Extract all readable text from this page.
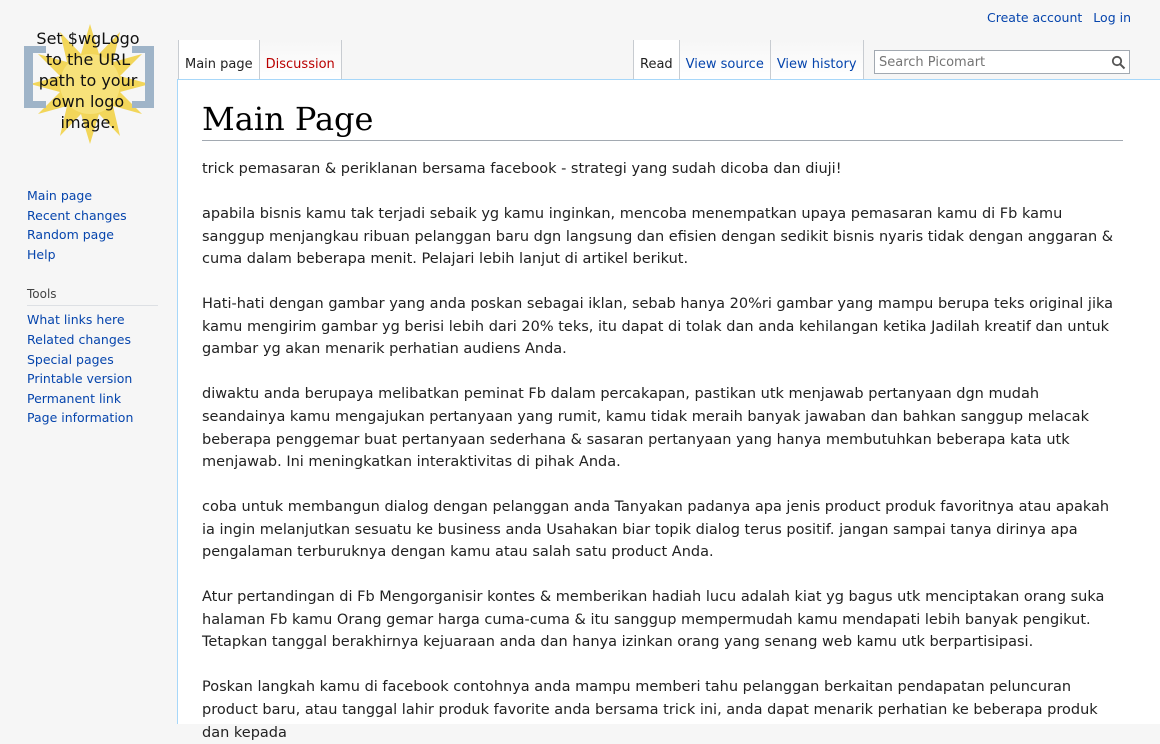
Create account Log in
Set $wgLogo
to the URL
path to your
own logo
image.
Main page	Discussion	Read	View source	View history
Search Picomart
Main page
Recent changes
Random page
Help
Tools
What links here
Related changes
Special pages
Printable version
Permanent link
Page information
Main Page

trick pemasaran & periklanan bersama facebook - strategi yang sudah dicoba dan diuji!

apabila bisnis kamu tak terjadi sebaik yg kamu inginkan, mencoba menempatkan upaya pemasaran kamu di Fb kamu sanggup menjangkau ribuan pelanggan baru dgn langsung dan efisien dengan sedikit bisnis nyaris tidak dengan anggaran & cuma dalam beberapa menit. Pelajari lebih lanjut di artikel berikut.

Hati-hati dengan gambar yang anda poskan sebagai iklan, sebab hanya 20%ri gambar yang mampu berupa teks original jika kamu mengirim gambar yg berisi lebih dari 20% teks, itu dapat di tolak dan anda kehilangan ketika Jadilah kreatif dan untuk gambar yg akan menarik perhatian audiens Anda.

diwaktu anda berupaya melibatkan peminat Fb dalam percakapan, pastikan utk menjawab pertanyaan dgn mudah seandainya kamu mengajukan pertanyaan yang rumit, kamu tidak meraih banyak jawaban dan bahkan sanggup melacak beberapa penggemar buat pertanyaan sederhana & sasaran pertanyaan yang hanya membutuhkan beberapa kata utk menjawab. Ini meningkatkan interaktivitas di pihak Anda.

coba untuk membangun dialog dengan pelanggan anda Tanyakan padanya apa jenis product produk favoritnya atau apakah ia ingin melanjutkan sesuatu ke business anda Usahakan biar topik dialog terus positif. jangan sampai tanya dirinya apa pengalaman terburuknya dengan kamu atau salah satu product Anda.

Atur pertandingan di Fb Mengorganisir kontes & memberikan hadiah lucu adalah kiat yg bagus utk menciptakan orang suka halaman Fb kamu Orang gemar harga cuma-cuma & itu sanggup mempermudah kamu mendapati lebih banyak pengikut. Tetapkan tanggal berakhirnya kejuaraan anda dan hanya izinkan orang yang senang web kamu utk berpartisipasi.

Poskan langkah kamu di facebook contohnya anda mampu memberi tahu pelanggan berkaitan pendapatan peluncuran product baru, atau tanggal lahir produk favorite anda bersama trick ini, anda dapat menarik perhatian ke beberapa produk dan kepada
